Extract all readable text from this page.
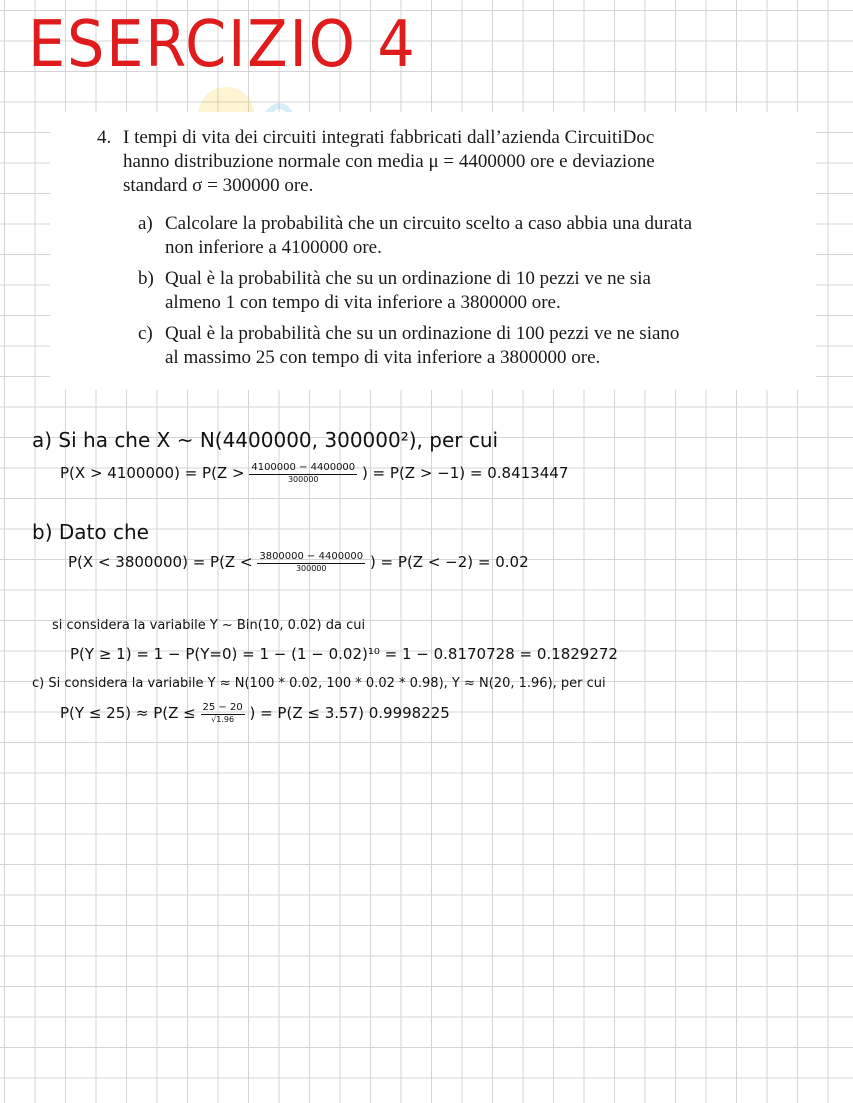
ESERCIZIO 4
4. I tempi di vita dei circuiti integrati fabbricati dall’azienda CircuitiDoc
hanno distribuzione normale con media μ = 4400000 ore e deviazione
standard σ = 300000 ore.
a) Calcolare la probabilità che un circuito scelto a caso abbia una durata
non inferiore a 4100000 ore.
b) Qual è la probabilità che su un ordinazione di 10 pezzi ve ne sia
almeno 1 con tempo di vita inferiore a 3800000 ore.
c) Qual è la probabilità che su un ordinazione di 100 pezzi ve ne siano
al massimo 25 con tempo di vita inferiore a 3800000 ore.
a) Si ha che X ~ N(4400000, 300000²), per cui
$P(X > 4100000) = P(Z > \frac{4100000 - 4400000}{300000}$ ) = P(Z > −1) = 0.8413447
b) Dato che
$P(X < 3800000) = P(Z < \frac{3800000 - 4400000}{300000}$ ) = P(Z < −2) = 0.02
si considera la variabile Y ~ Bin(10, 0.02) da cui
P(Y ≥ 1) = 1 − P(Y=0) = 1 − (1 − 0.02)¹⁰ = 1 − 0.8170728 = 0.1829272
c) Si considera la variabile Y ≈ N(100 * 0.02, 100 * 0.02 * 0.98), Y ≈ N(20, 1.96), per cui
$P(Y \le 25) \approx P(Z \le \frac{25 - 20}{√1.96}$ ) = P(Z ≤ 3.57) 0.9998225
